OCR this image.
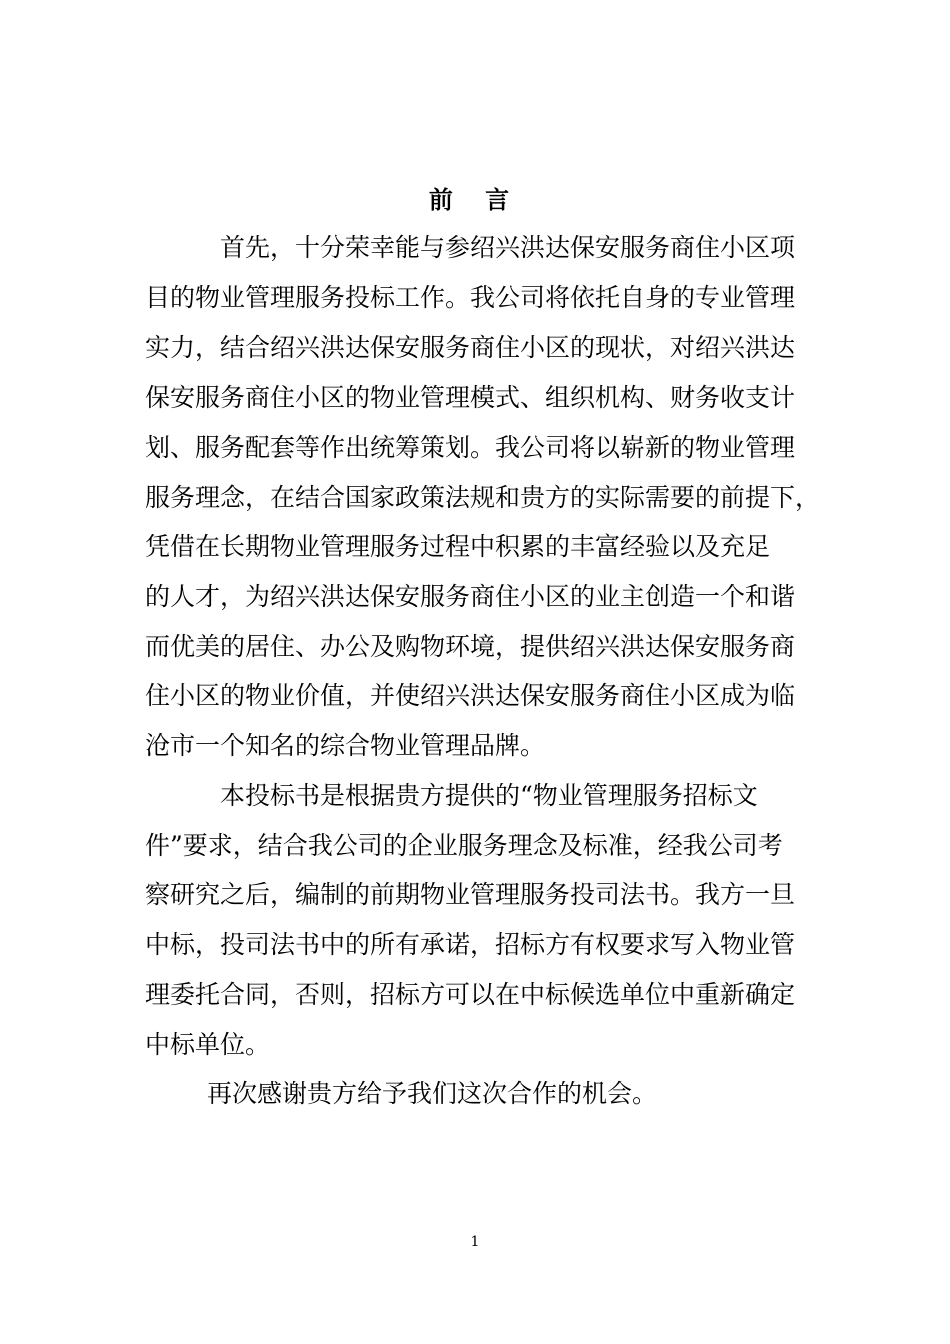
前 言
首先，十分荣幸能与参绍兴洪达保安服务商住小区项
目的物业管理服务投标工作。我公司将依托自身的专业管理
实力，结合绍兴洪达保安服务商住小区的现状，对绍兴洪达
保安服务商住小区的物业管理模式、组织机构、财务收支计
划、服务配套等作出统筹策划。我公司将以崭新的物业管理
服务理念，在结合国家政策法规和贵方的实际需要的前提下，
凭借在长期物业管理服务过程中积累的丰富经验以及充足
的人才，为绍兴洪达保安服务商住小区的业主创造一个和谐
而优美的居住、办公及购物环境，提供绍兴洪达保安服务商
住小区的物业价值，并使绍兴洪达保安服务商住小区成为临
沧市一个知名的综合物业管理品牌。
本投标书是根据贵方提供的“物业管理服务招标文
件”要求，结合我公司的企业服务理念及标准，经我公司考
察研究之后，编制的前期物业管理服务投司法书。我方一旦
中标，投司法书中的所有承诺，招标方有权要求写入物业管
理委托合同，否则，招标方可以在中标候选单位中重新确定
中标单位。
再次感谢贵方给予我们这次合作的机会。
1
